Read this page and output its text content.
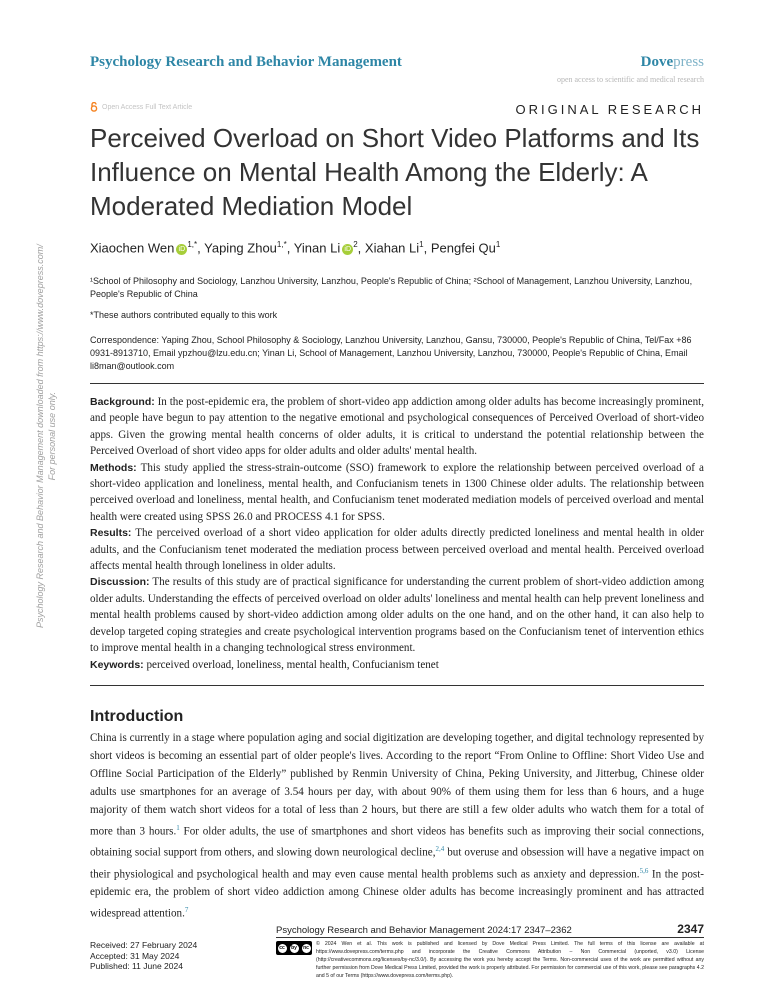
Psychology Research and Behavior Management	Dovepress
open access to scientific and medical research
Open Access Full Text Article	ORIGINAL RESEARCH
Perceived Overload on Short Video Platforms and Its Influence on Mental Health Among the Elderly: A Moderated Mediation Model
Xiaochen Wen $iD^{1,*}$, Yaping Zhou$^{1,*}$, Yinan Li $iD^2$, Xiahan Li$^1$, Pengfei Qu$^1$
¹School of Philosophy and Sociology, Lanzhou University, Lanzhou, People's Republic of China; ²School of Management, Lanzhou University, Lanzhou, People's Republic of China
*These authors contributed equally to this work
Correspondence: Yaping Zhou, School Philosophy & Sociology, Lanzhou University, Lanzhou, Gansu, 730000, People's Republic of China, Tel/Fax +86 0931-8913710, Email ypzhou@lzu.edu.cn; Yinan Li, School of Management, Lanzhou University, Lanzhou, 730000, People's Republic of China, Email li8man@outlook.com

Background: In the post-epidemic era, the problem of short-video app addiction among older adults has become increasingly prominent, and people have begun to pay attention to the negative emotional and psychological consequences of Perceived Overload of short-video apps. Given the growing mental health concerns of older adults, it is critical to understand the potential relationship between the Perceived Overload of short video apps for older adults and older adults' mental health.

Methods: This study applied the stress-strain-outcome (SSO) framework to explore the relationship between perceived overload of a short-video application and loneliness, mental health, and Confucianism tenets in 1300 Chinese older adults. The relationship between perceived overload and loneliness, mental health, and Confucianism tenet moderated mediation models of perceived overload and mental health were created using SPSS 26.0 and PROCESS 4.1 for SPSS.

Results: The perceived overload of a short video application for older adults directly predicted loneliness and mental health in older adults, and the Confucianism tenet moderated the mediation process between perceived overload and mental health. Perceived overload affects mental health through loneliness in older adults.

Discussion: The results of this study are of practical significance for understanding the current problem of short-video addiction among older adults. Understanding the effects of perceived overload on older adults' loneliness and mental health can help prevent loneliness and mental health problems caused by short-video addiction among older adults on the one hand, and on the other hand, it can also help to develop targeted coping strategies and create psychological intervention programs based on the Confucianism tenet of intervention ethics to improve mental health in a changing technological stress environment.

Keywords: perceived overload, loneliness, mental health, Confucianism tenet

Introduction

China is currently in a stage where population aging and social digitization are developing together, and digital technology represented by short videos is becoming an essential part of older people's lives. According to the report “From Online to Offline: Short Video Use and Offline Social Participation of the Elderly” published by Renmin University of China, Peking University, and Jitterbug, Chinese older adults use smartphones for an average of 3.54 hours per day, with about 90% of them using them for less than 6 hours, and a huge majority of them watch short videos for a total of less than 2 hours, but there are still a few older adults who watch them for a total of more than 3 hours.$^1$ For older adults, the use of smartphones and short videos has benefits such as improving their social connections, obtaining social support from others, and slowing down neurological decline,$^{2,4}$ but overuse and obsession will have a negative impact on their physiological and psychological health and may even cause mental health problems such as anxiety and depression.$^{5,6}$ In the post-epidemic era, the problem of short video addiction among Chinese older adults has become increasingly prominent and has attracted widespread attention.$^7$

Psychology Research and Behavior Management downloaded from https://www.dovepress.com/ For personal use only.
Psychology Research and Behavior Management 2024:17 2347–2362	2347
Received: 27 February 2024
Accepted: 31 May 2024
Published: 11 June 2024
cc	by	nc
© 2024 Wen et al. This work is published and licensed by Dove Medical Press Limited. The full terms of this license are available at https://www.dovepress.com/terms.php and incorporate the Creative Commons Attribution – Non Commercial (unported, v3.0) License (http://creativecommons.org/licenses/by-nc/3.0/). By accessing the work you hereby accept the Terms. Non-commercial uses of the work are permitted without any further permission from Dove Medical Press Limited, provided the work is properly attributed. For permission for commercial use of this work, please see paragraphs 4.2 and 5 of our Terms (https://www.dovepress.com/terms.php).
